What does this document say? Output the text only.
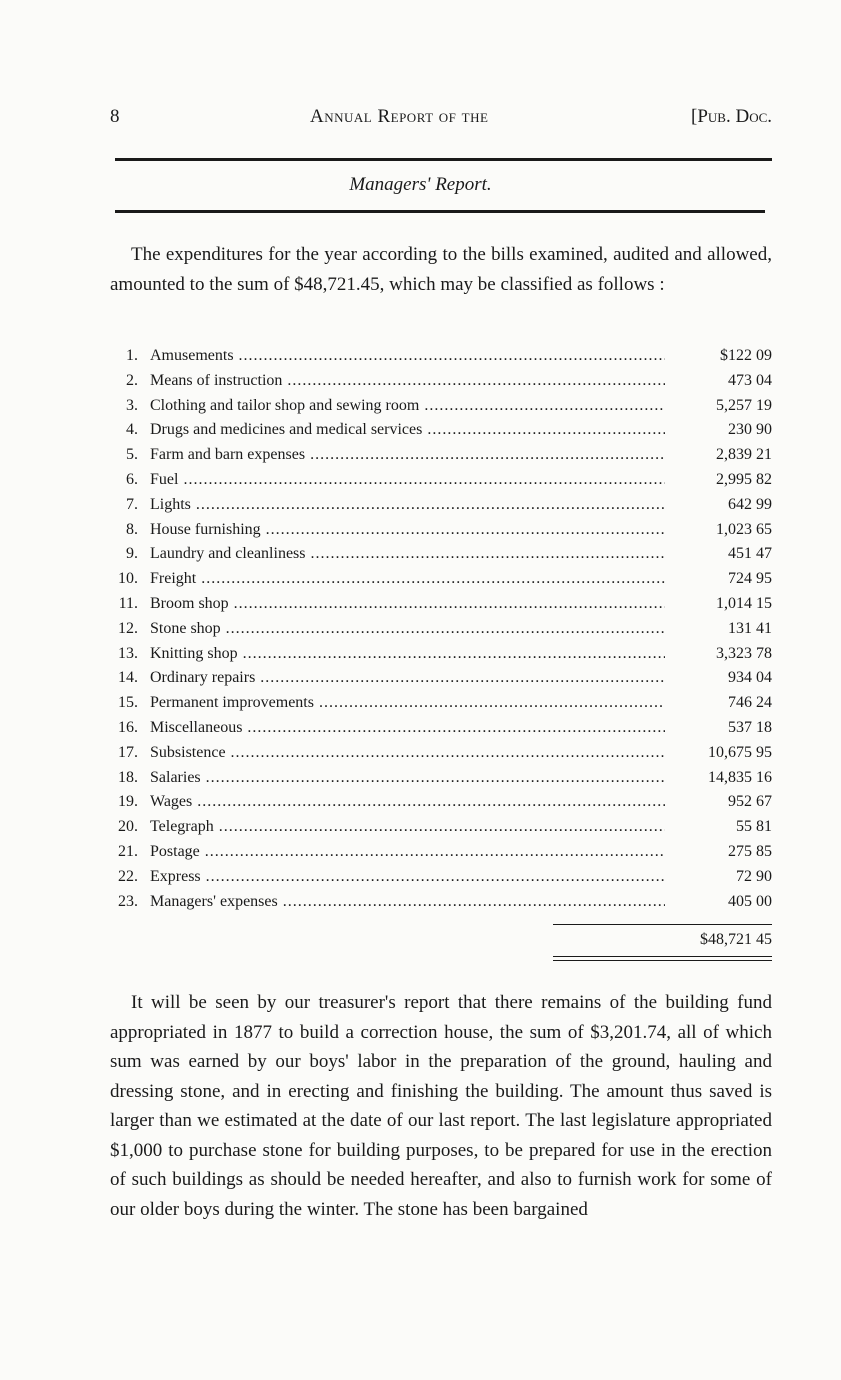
8	Annual Report of the	[Pub. Doc.
Managers' Report.

The expenditures for the year according to the bills examined, audited and allowed, amounted to the sum of $48,721.45, which may be classified as follows :

1. Amusements .....	$122 09
2. Means of instruction .....	473 04
3. Clothing and tailor shop and sewing room .....	5,257 19
4. Drugs and medicines and medical services .....	230 90
5. Farm and barn expenses .....	2,839 21
6. Fuel .....	2,995 82
7. Lights .....	642 99
8. House furnishing .....	1,023 65
9. Laundry and cleanliness .....	451 47
10. Freight .....	724 95
11. Broom shop .....	1,014 15
12. Stone shop .....	131 41
13. Knitting shop .....	3,323 78
14. Ordinary repairs .....	934 04
15. Permanent improvements .....	746 24
16. Miscellaneous .....	537 18
17. Subsistence .....	10,675 95
18. Salaries .....	14,835 16
19. Wages .....	952 67
20. Telegraph .....	55 81
21. Postage .....	275 85
22. Express .....	72 90
23. Managers' expenses .....	405 00
$48,721 45

It will be seen by our treasurer's report that there remains of the building fund appropriated in 1877 to build a correction house, the sum of $3,201.74, all of which sum was earned by our boys' labor in the preparation of the ground, hauling and dressing stone, and in erecting and finishing the building. The amount thus saved is larger than we estimated at the date of our last report. The last legislature appropriated $1,000 to purchase stone for building purposes, to be prepared for use in the erection of such buildings as should be needed hereafter, and also to furnish work for some of our older boys during the winter. The stone has been bargained
